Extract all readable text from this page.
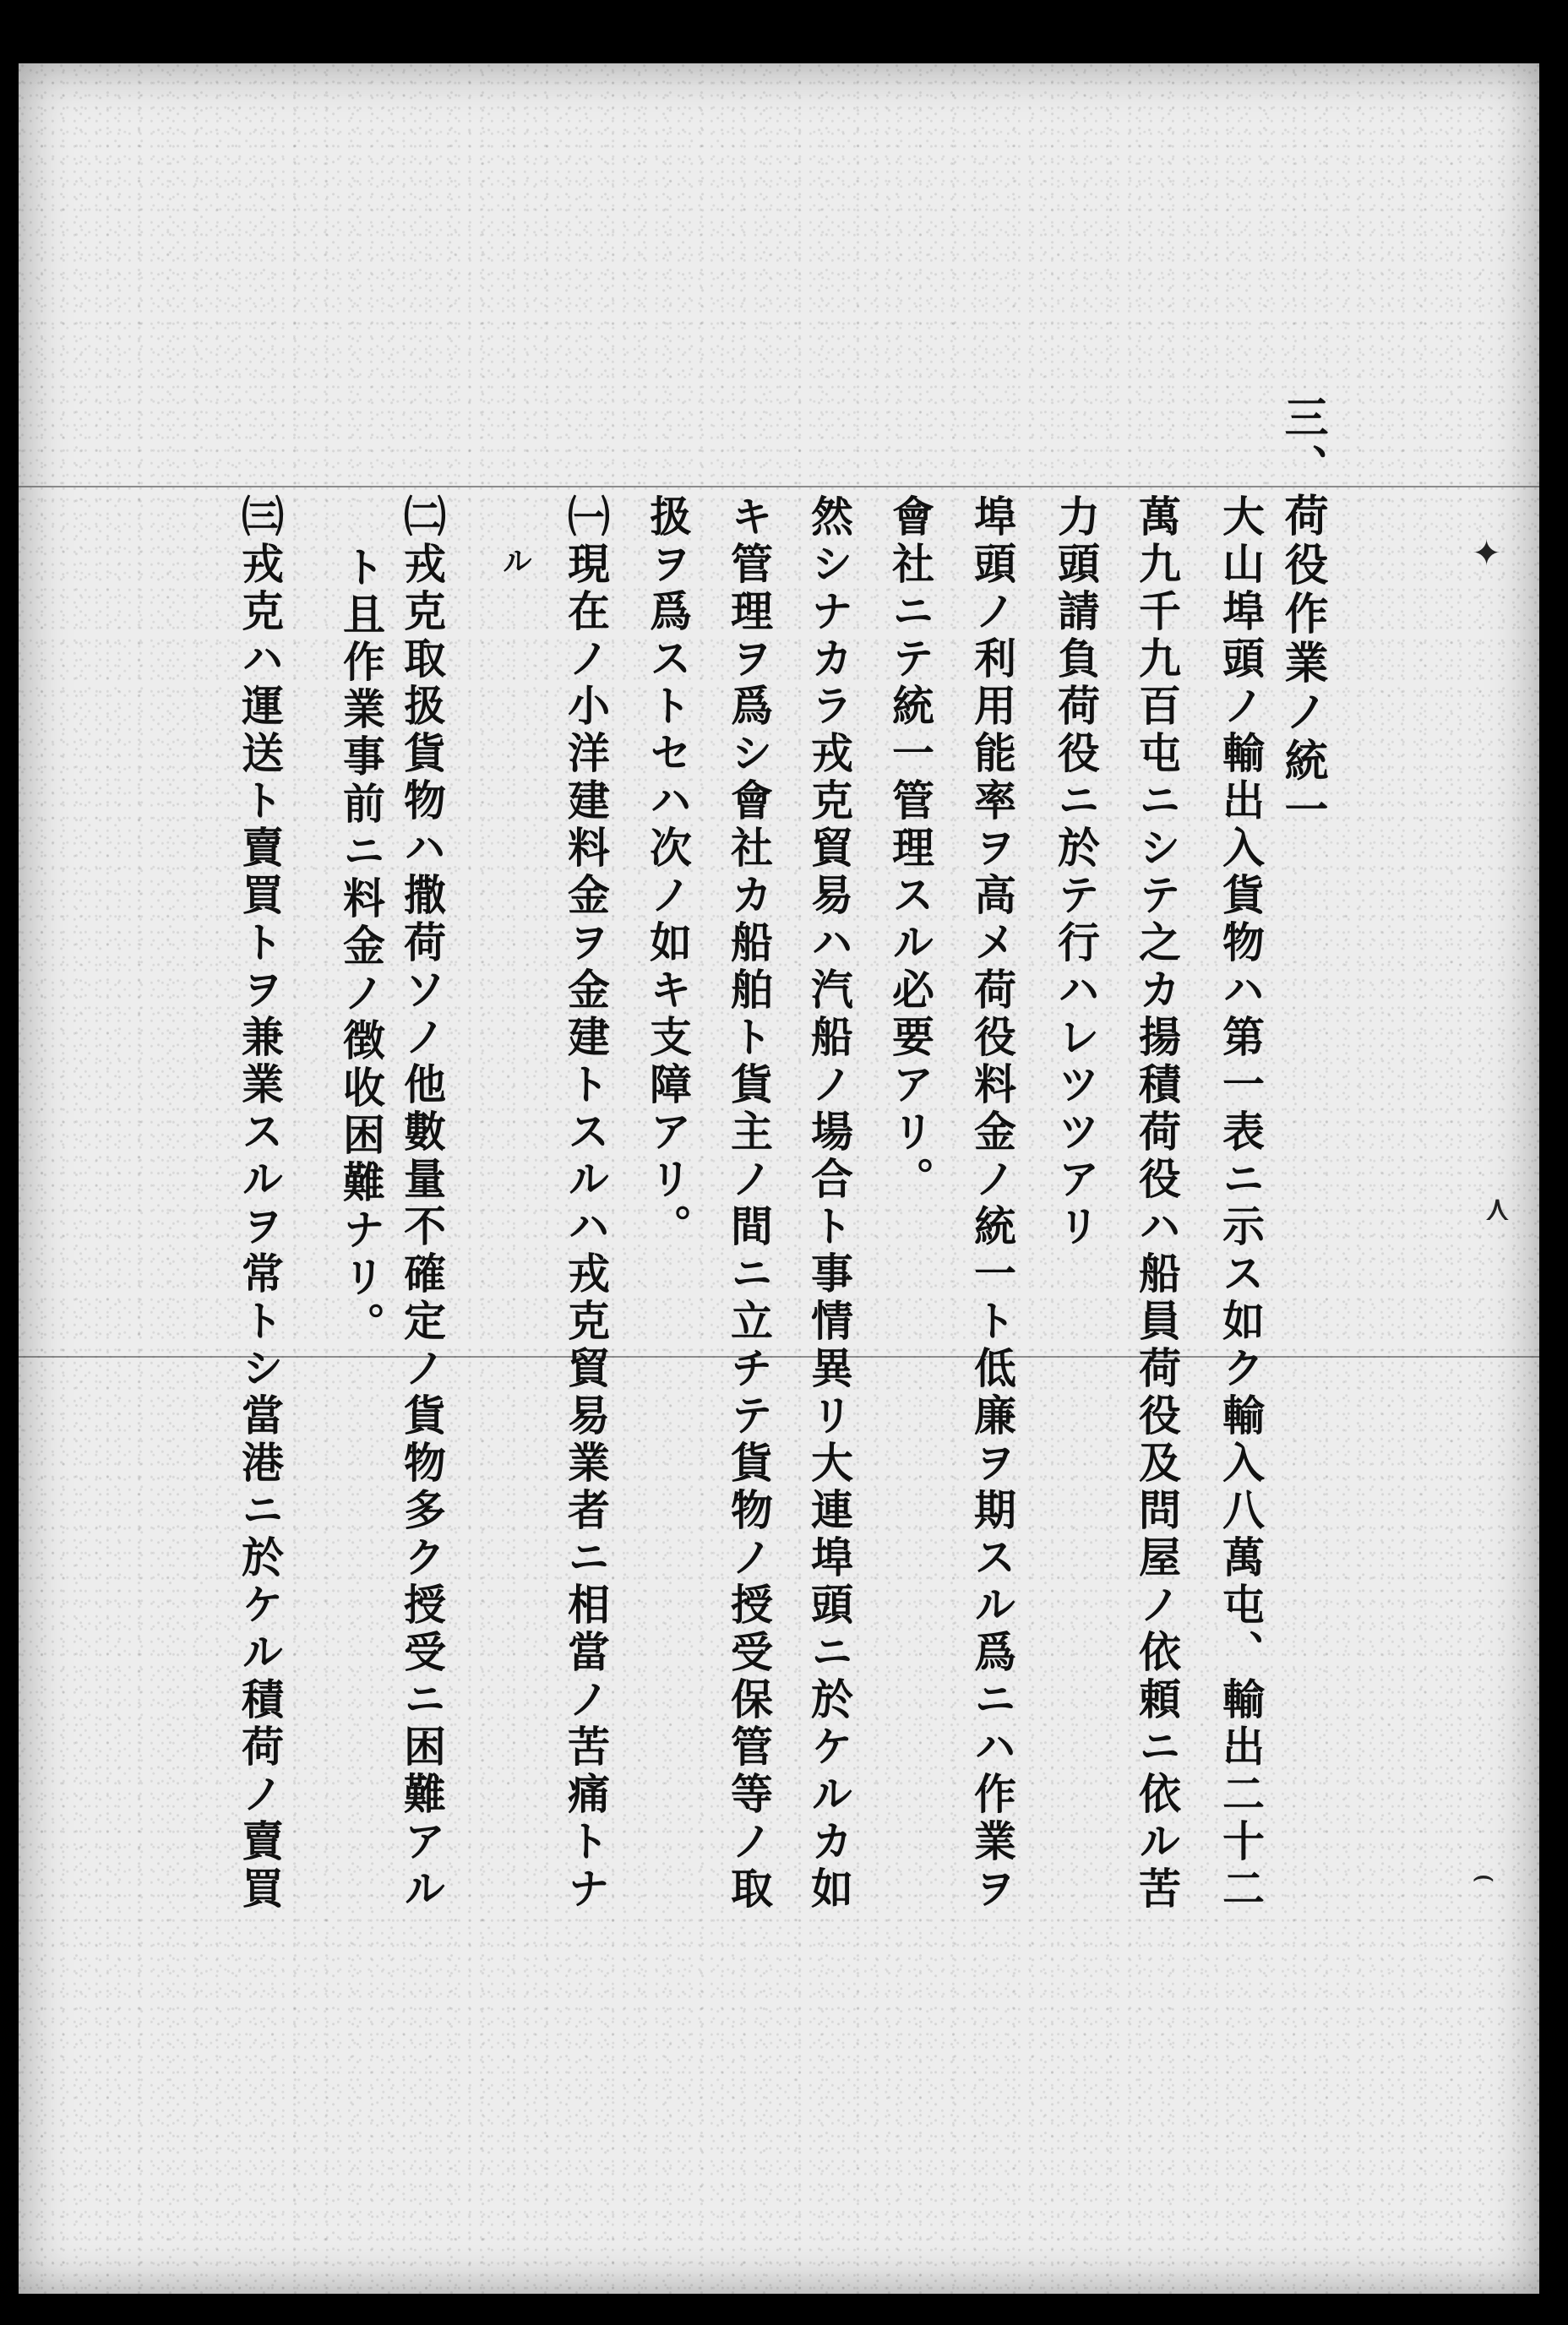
三、荷役作業ノ統一
大山埠頭ノ輸出入貨物ハ第一表ニ示ス如ク輸入八萬屯、輸出二十二
萬九千九百屯ニシテ之カ揚積荷役ハ船員荷役及問屋ノ依頼ニ依ル苦
力頭請負荷役ニ於テ行ハレツツアリ
埠頭ノ利用能率ヲ高メ荷役料金ノ統一ト低廉ヲ期スル爲ニハ作業ヲ
會社ニテ統一管理スル必要アリ。
然シナカラ戎克貿易ハ汽船ノ場合ト事情異リ大連埠頭ニ於ケルカ如
キ管理ヲ爲シ會社カ船舶ト貨主ノ間ニ立チテ貨物ノ授受保管等ノ取
扱ヲ爲ストセハ次ノ如キ支障アリ。
㈠現在ノ小洋建料金ヲ金建トスルハ戎克貿易業者ニ相當ノ苦痛トナ
ル
㈡戎克取扱貨物ハ撒荷ソノ他數量不確定ノ貨物多ク授受ニ困難アル
ト且作業事前ニ料金ノ徴收困難ナリ。
㈢戎克ハ運送ト賣買トヲ兼業スルヲ常トシ當港ニ於ケル積荷ノ賣買	✦
⋏
⌢
